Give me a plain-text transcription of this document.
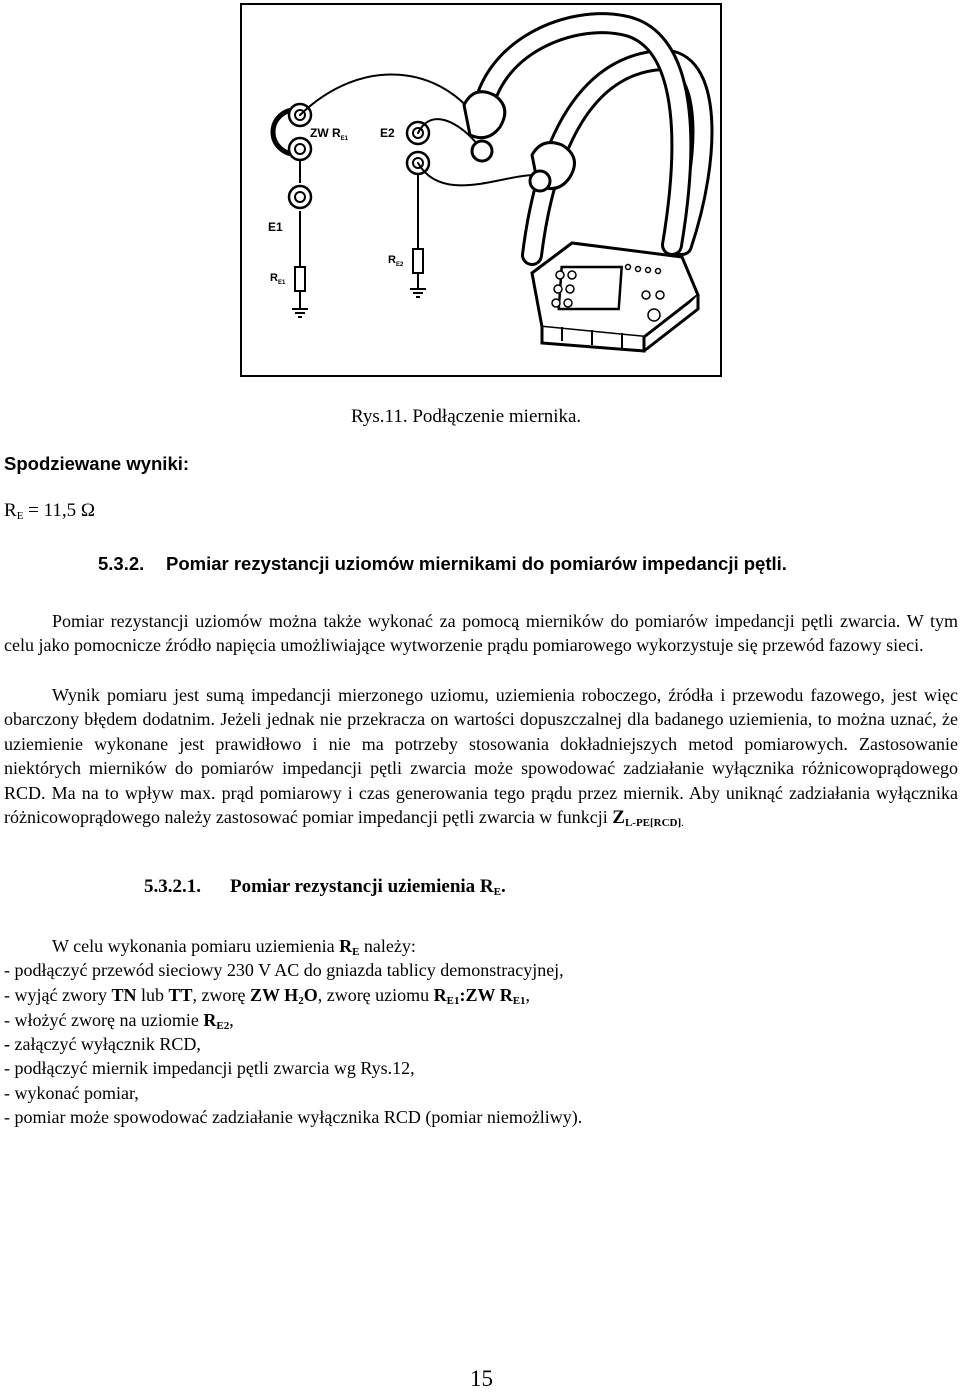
ZW $R_{E1}$	E2
E1
$R_{E1}$
$R_{E2}$
Rys.11. Podłączenie miernika.
Spodziewane wyniki:
$R_E = 11,5$ Ω
5.3.2. Pomiar rezystancji uziomów miernikami do pomiarów impedancji pętli.
Pomiar rezystancji uziomów można także wykonać za pomocą mierników do pomiarów impedancji pętli zwarcia. W tym celu jako pomocnicze źródło napięcia umożliwiające wytworzenie prądu pomiarowego wykorzystuje się przewód fazowy sieci.
Wynik pomiaru jest sumą impedancji mierzonego uziomu, uziemienia roboczego, źródła i przewodu fazowego, jest więc obarczony błędem dodatnim. Jeżeli jednak nie przekracza on wartości dopuszczalnej dla badanego uziemienia, to można uznać, że uziemienie wykonane jest prawidłowo i nie ma potrzeby stosowania dokładniejszych metod pomiarowych. Zastosowanie niektórych mierników do pomiarów impedancji pętli zwarcia może spowodować zadziałanie wyłącznika różnicowoprądowego RCD. Ma na to wpływ max. prąd pomiarowy i czas generowania tego prądu przez miernik. Aby uniknąć zadziałania wyłącznika różnicowoprądowego należy zastosować pomiar impedancji pętli zwarcia w funkcji $ZL-PE[RCD]_.$
5.3.2.1. Pomiar rezystancji uziemienia RE.
W celu wykonania pomiaru uziemienia RE należy:
- podłączyć przewód sieciowy 230 V AC do gniazda tablicy demonstracyjnej,
- wyjąć zwory TN lub TT, zworę ZW H2O, zworę uziomu RE1:ZW RE1,
- włożyć zworę na uziomie RE2,
- załączyć wyłącznik RCD,
- podłączyć miernik impedancji pętli zwarcia wg Rys.12,
- wykonać pomiar,
- pomiar może spowodować zadziałanie wyłącznika RCD (pomiar niemożliwy).
15
